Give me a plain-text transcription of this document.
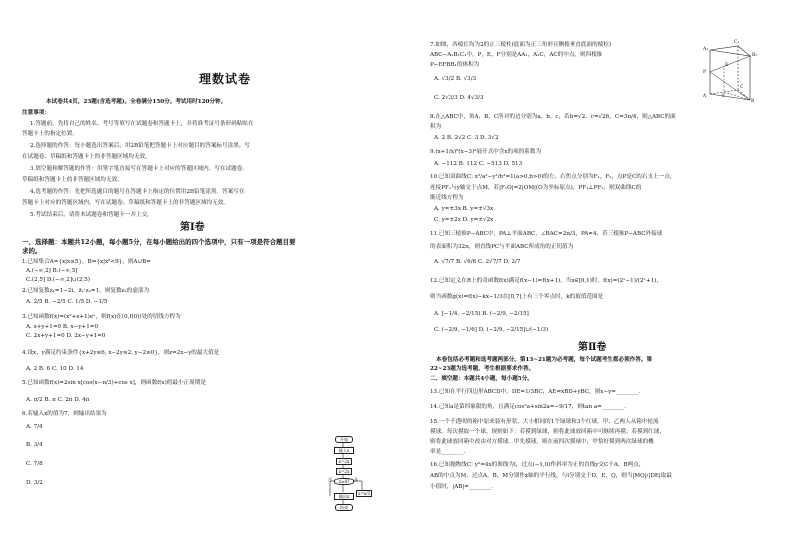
理数试卷
本试卷共4页，23题(含选考题)。全卷满分150分。考试用时120分钟。
注意事项：
1.答题前，先将自己的姓名、考号等填写在试题卷和答题卡上，并将准考证号条形码粘贴在
答题卡上的指定位置。
2.选择题的作答：每小题选出答案后，用2B铅笔把答题卡上对应题目的答案标号涂黑。写
在试题卷、草稿纸和答题卡上的非答题区域均无效。
3.填空题和解答题的作答：用签字笔直接写在答题卡上对应的答题区域内。写在试题卷、
草稿纸和答题卡上的非答题区域均无效。
4.选考题的作答：先把所选题目的题号在答题卡上指定的位置用2B铅笔涂黑。答案写在
答题卡上对应的答题区域内，写在试题卷、草稿纸和答题卡上的非答题区域均无效。
5.考试结束后，请将本试题卷和答题卡一并上交。
第Ⅰ卷
一、选择题：本题共12小题，每小题5分，在每小题给出的四个选项中，只有一项是符合题目要
求的。
1.已知集合A={x|x≤5}，B={x|x²<9}，则A∪B=
A.(−∞,2] B.(−∞,5]
C.(2,5] D.(−∞,2]∪(2,5)
2.已知复数z₁=1−2i，z̄₁·z₂=1，则复数z₂的虚部为
A. 2/5 B. −2/5 C. 1/5 D. −1/5
3.已知函数f(x)=(x²+x+1)eˣ，则f(x)在(0,f(0))处的切线方程为
A. x+y+1=0 B. x−y+1=0
C. 2x+y+1=0 D. 2x−y+1=0
4.设x，y满足约束条件{x+2y≤6, x−2y≤2, y−2≥0}，则z=2x−y的最大值是
A. 2 B. 6 C. 10 D. 14
5.已知函数f(x)=2sin x[cos(x−π/3)+cos x]，则函数f(x)的最小正周期是
A. π/2 B. π C. 2π D. 4π
6.若输入x的值为7，则输出结果为
A. 7/4
B. 3/4
C. 7/8
D. 3/2
开始
输入x
x=2x
x=2x
x≥8?	是
否
x=x/3
输出x
结束
7.如图，各棱长均为2的正三棱柱(底面为正三角形且侧棱垂直底面的棱柱)
ABC−A₁B₁C₁中，P，E，F分别是AA₁，A₁C，AC的中点，则四棱锥
P−EFBB₁的体积为
A. √3/2 B. √3/3
C. 2√3/3 D. 4√3/3
8.在△ABC中，角A，B，C所对的边分别为a，b，c，若b=√2，c=√26，C=3π/4，则△ABC的面
积为
A. 2 B. 2√2 C. 3 D. 3√2
9.(x+1/x)⁸(x−3)⁴展开式中含x的项的系数为
A. −112 B. 112 C. −513 D. 513
10.已知双曲线C: x²/a²−y²/b²=1(a>0,b>0)的左、右焦点分别为F₁，F₂，点P是C的右支上一点，
连接PF₁与y轴交于点M，若|F₁O|=2|OM|(O为坐标原点)，PF₁⊥PF₂，则双曲线C的
渐近线方程为
A. y=±3x B. y=±√3x
C. y=±2x D. y=±√2x
11.已知三棱锥P−ABC中，PA⊥平面ABC，∠BAC=2π/3，PA=4，若三棱锥P−ABC外接球
的表面积为32π，则直线PC与平面ABC所成角的正切值为
A. √7/7 B. √6/6 C. 2√7/7 D. 2/7
12.已知定义在R上的奇函数f(x)满足f(x−1)=f(x+1)，当x∈[0,1)时，f(x)=(2ˣ−1)/(2ˣ+1)，
则当函数g(x)=f(x)−kx−1/3在[0,7]上有三个零点时，k的取值范围是
A. [−1/4, −2/15) B. (−2/9, −2/15]
C. (−2/9, −1/6] D. (−2/9, −2/15]∪(−1/3)
第Ⅱ卷
本卷包括必考题和选考题两部分。第13~21题为必考题，每个试题考生都必须作答。第
22~23题为选考题，考生根据要求作答。
二、填空题：本题共4小题，每小题5分。
13.已知在平行四边形ABCD中，DE=1/3BC，AE=xBD+yBC，则x−y=________.
14.已知a是第四象限的角，且满足cos²a+sin2a=−9/17，则tan a=________.
15.一个不透明的箱中原来装有形状、大小相同的1个绿球和3个红球。甲、乙两人从箱中轮流
摸球，每次摸取一个球，规则如下：若摸到绿球，则将此球放回箱中可继续再摸；若摸到红球，
则将此球放回箱中改由对方摸球。甲先摸球，则在前四次摸球中，甲恰好摸到两次绿球的概
率是________.
16.已知抛物线C: y²=4x的准线为l，过点(−1,0)作斜率为正的直线y交C于A，B两点，
AB的中点为M，过点A，B，M分别作x轴的平行线，与l分别交于D，E，Q，则当|MQ|/|DE|取最
小值时，|AB|=________.
C₁
A₁
B₁
P
E
C
A	F
B
